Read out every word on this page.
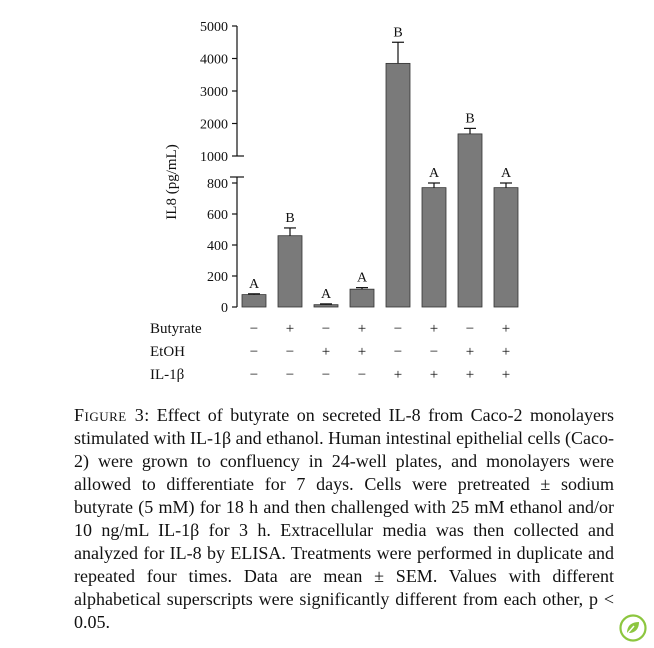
0
200
400
600
800
1000
2000
3000
4000
5000
A
B
A
A
B
A
B
A
Butyrate	− + − + − + − +
EtOH	− − + + − − + +
IL-1β	− − − − + + + +
IL8 (pg/mL)
Figure 3: Effect of butyrate on secreted IL-8 from Caco-2 monolayers stimulated with IL-1β and ethanol. Human intestinal epithelial cells (Caco-2) were grown to confluency in 24-well plates, and monolayers were allowed to differentiate for 7 days. Cells were pretreated ± sodium butyrate (5 mM) for 18 h and then challenged with 25 mM ethanol and/or 10 ng/mL IL-1β for 3 h. Extracellular media was then collected and analyzed for IL-8 by ELISA. Treatments were performed in duplicate and repeated four times. Data are mean ± SEM. Values with different alphabetical superscripts were significantly different from each other, p < 0.05.
